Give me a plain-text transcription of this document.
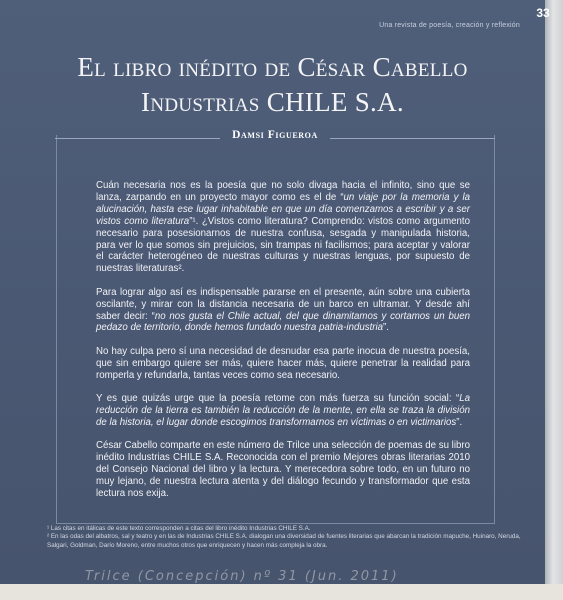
Una revista de poesía, creación y reflexión
El libro inédito de César Cabello
Industrias CHILE S.A.
Damsi Figueroa

Cuán necesaria nos es la poesía que no solo divaga hacia el infinito, sino que se lanza, zarpando en un proyecto mayor como es el de “un viaje por la memoria y la alucinación, hasta ese lugar inhabitable en que un día comenzamos a escribir y a ser vistos como literatura”¹. ¿Vistos como literatura? Comprendo: vistos como argumento necesario para posesionarnos de nuestra confusa, sesgada y manipulada historia, para ver lo que somos sin prejuicios, sin trampas ni facilismos; para aceptar y valorar el carácter heterogéneo de nuestras culturas y nuestras lenguas, por supuesto de nuestras literaturas².

Para lograr algo así es indispensable pararse en el presente, aún sobre una cubierta oscilante, y mirar con la distancia necesaria de un barco en ultramar. Y desde ahí saber decir: “no nos gusta el Chile actual, del que dinamitamos y cortamos un buen pedazo de territorio, donde hemos fundado nuestra patria-industria”.

No hay culpa pero sí una necesidad de desnudar esa parte inocua de nuestra poesía, que sin embargo quiere ser más, quiere hacer más, quiere penetrar la realidad para romperla y refundarla, tantas veces como sea necesario.

Y es que quizás urge que la poesía retome con más fuerza su función social: “La reducción de la tierra es también la reducción de la mente, en ella se traza la división de la historia, el lugar donde escogimos transformarnos en víctimas o en victimarios”.

César Cabello comparte en este número de Trilce una selección de poemas de su libro inédito Industrias CHILE S.A. Reconocida con el premio Mejores obras literarias 2010 del Consejo Nacional del libro y la lectura. Y merecedora sobre todo, en un futuro no muy lejano, de nuestra lectura atenta y del diálogo fecundo y transformador que esta lectura nos exija.

¹ Las citas en itálicas de este texto corresponden a citas del libro inédito Industrias CHILE S.A.

² En las odas del albatros, sal y teatro y en las de Industrias CHILE S.A. dialogan una diversidad de fuentes literarias que abarcan la tradición mapuche, Huinaro, Neruda, Salgari, Goldman, Darío Moreno, entre muchos otros que enriquecen y hacen más compleja la obra.

33
Trilce (Concepción) nº 31 (Jun. 2011)
